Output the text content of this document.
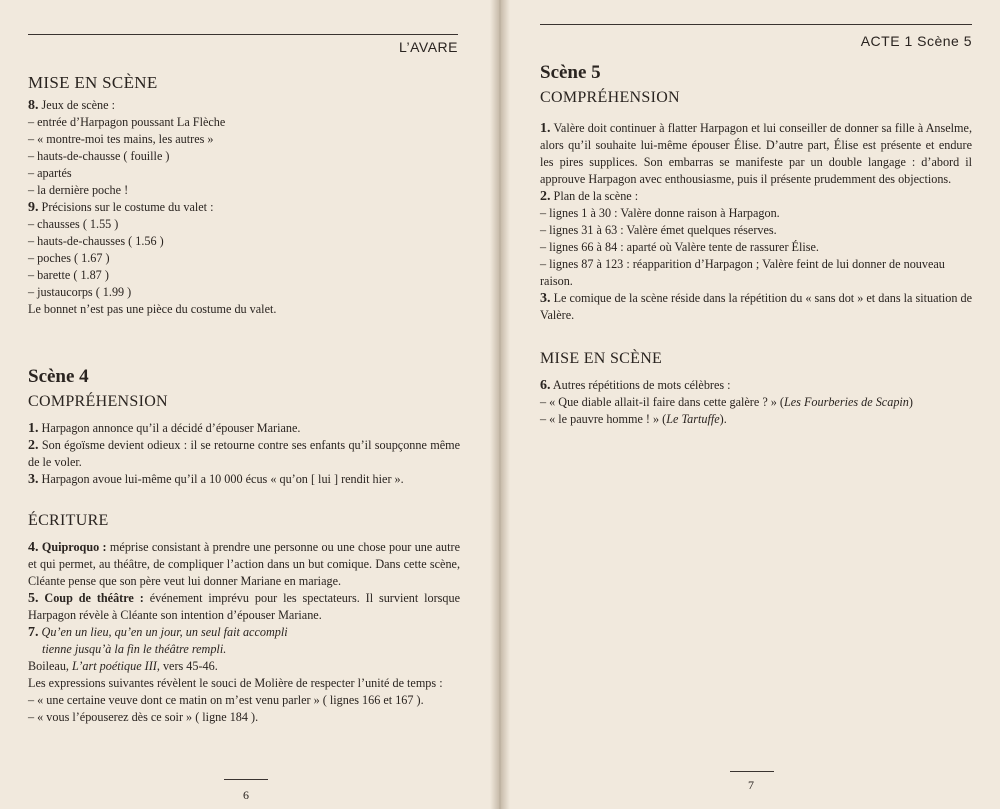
L’AVARE
MISE EN SCÈNE

8. Jeux de scène :

– entrée d’Harpagon poussant La Flèche

– « montre-moi tes mains, les autres »

– hauts-de-chausse ( fouille )

– apartés

– la dernière poche !

9. Précisions sur le costume du valet :

– chausses ( 1.55 )

– hauts-de-chausses ( 1.56 )

– poches ( 1.67 )

– barette ( 1.87 )

– justaucorps ( 1.99 )

Le bonnet n’est pas une pièce du costume du valet.

Scène 4
COMPRÉHENSION

1. Harpagon annonce qu’il a décidé d’épouser Mariane.

2. Son égoïsme devient odieux : il se retourne contre ses enfants qu’il soupçonne même de le voler.

3. Harpagon avoue lui-même qu’il a 10 000 écus « qu’on [ lui ] rendit hier ».

ÉCRITURE

4. Quiproquo : méprise consistant à prendre une personne ou une chose pour une autre et qui permet, au théâtre, de compliquer l’action dans un but comique. Dans cette scène, Cléante pense que son père veut lui donner Mariane en mariage.

5. Coup de théâtre : événement imprévu pour les spectateurs. Il survient lorsque Harpagon révèle à Cléante son intention d’épouser Mariane.

7. Qu’en un lieu, qu’en un jour, un seul fait accompli

tienne jusqu’à la fin le théâtre rempli.

Boileau, L’art poétique III, vers 45-46.

Les expressions suivantes révèlent le souci de Molière de respecter l’unité de temps :

– « une certaine veuve dont ce matin on m’est venu parler » ( lignes 166 et 167 ).

– « vous l’épouserez dès ce soir » ( ligne 184 ).

6
ACTE 1 Scène 5
Scène 5
COMPRÉHENSION

1. Valère doit continuer à flatter Harpagon et lui conseiller de donner sa fille à Anselme, alors qu’il souhaite lui-même épouser Élise. D’autre part, Élise est présente et endure les pires supplices. Son embarras se manifeste par un double langage : d’abord il approuve Harpagon avec enthousiasme, puis il présente prudemment des objections.

2. Plan de la scène :

– lignes 1 à 30 : Valère donne raison à Harpagon.

– lignes 31 à 63 : Valère émet quelques réserves.

– lignes 66 à 84 : aparté où Valère tente de rassurer Élise.

– lignes 87 à 123 : réapparition d’Harpagon ; Valère feint de lui donner de nouveau raison.

3. Le comique de la scène réside dans la répétition du « sans dot » et dans la situation de Valère.

MISE EN SCÈNE

6. Autres répétitions de mots célèbres :

– « Que diable allait-il faire dans cette galère ? » (Les Fourberies de Scapin)

– « le pauvre homme ! » (Le Tartuffe).

7
